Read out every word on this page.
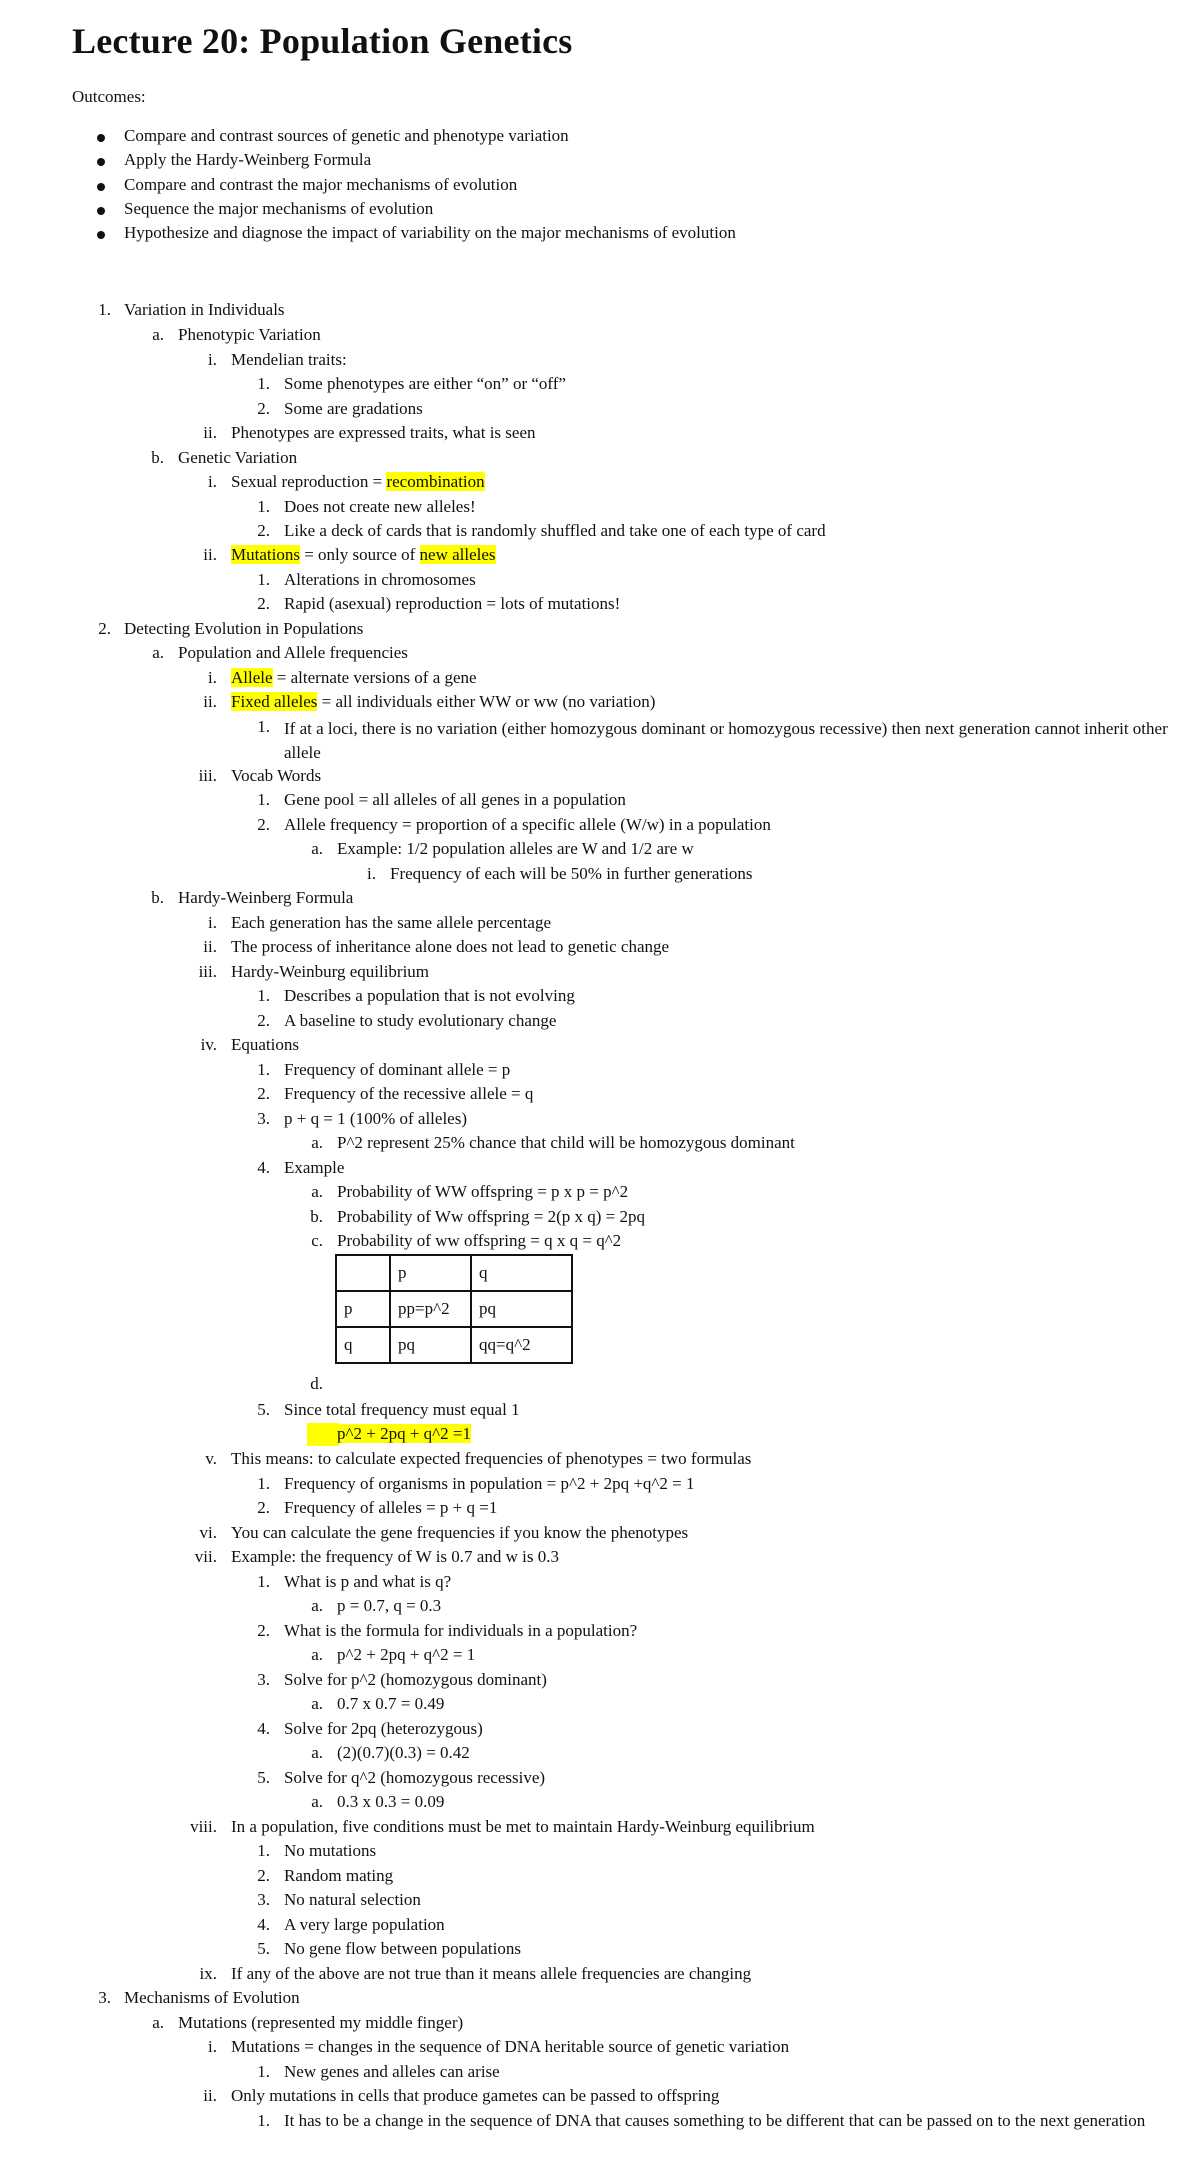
Lecture 20: Population Genetics
Outcomes:
Compare and contrast sources of genetic and phenotype variation
Apply the Hardy-Weinberg Formula
Compare and contrast the major mechanisms of evolution
Sequence the major mechanisms of evolution
Hypothesize and diagnose the impact of variability on the major mechanisms of evolution
1. Variation in Individuals
a. Phenotypic Variation
i. Mendelian traits:
1. Some phenotypes are either “on” or “off”
2. Some are gradations
ii. Phenotypes are expressed traits, what is seen
b. Genetic Variation
i. Sexual reproduction = recombination
1. Does not create new alleles!
2. Like a deck of cards that is randomly shuffled and take one of each type of card
ii. Mutations = only source of new alleles
1. Alterations in chromosomes
2. Rapid (asexual) reproduction = lots of mutations!
2. Detecting Evolution in Populations
a. Population and Allele frequencies
i. Allele = alternate versions of a gene
ii. Fixed alleles = all individuals either WW or ww (no variation)
1. If at a loci, there is no variation (either homozygous dominant or homozygous recessive) then next generation cannot inherit other allele
iii. Vocab Words
1. Gene pool = all alleles of all genes in a population
2. Allele frequency = proportion of a specific allele (W/w) in a population
a. Example: 1/2 population alleles are W and 1/2 are w
i. Frequency of each will be 50% in further generations
b. Hardy-Weinberg Formula
i. Each generation has the same allele percentage
ii. The process of inheritance alone does not lead to genetic change
iii. Hardy-Weinburg equilibrium
1. Describes a population that is not evolving
2. A baseline to study evolutionary change
iv. Equations
1. Frequency of dominant allele = p
2. Frequency of the recessive allele = q
3. p + q = 1 (100% of alleles)
a. P^2 represent 25% chance that child will be homozygous dominant
4. Example
a. Probability of WW offspring = p x p = p^2
b. Probability of Ww offspring = 2(p x q) = 2pq
c. Probability of ww offspring = q x q = q^2
d.
5. Since total frequency must equal 1
p^2 + 2pq + q^2 =1
v. This means: to calculate expected frequencies of phenotypes = two formulas
1. Frequency of organisms in population = p^2 + 2pq +q^2 = 1
2. Frequency of alleles = p + q =1
vi. You can calculate the gene frequencies if you know the phenotypes
vii. Example: the frequency of W is 0.7 and w is 0.3
1. What is p and what is q?
a. p = 0.7, q = 0.3
2. What is the formula for individuals in a population?
a. p^2 + 2pq + q^2 = 1
3. Solve for p^2 (homozygous dominant)
a. 0.7 x 0.7 = 0.49
4. Solve for 2pq (heterozygous)
a. (2)(0.7)(0.3) = 0.42
5. Solve for q^2 (homozygous recessive)
a. 0.3 x 0.3 = 0.09
viii. In a population, five conditions must be met to maintain Hardy-Weinburg equilibrium
1. No mutations
2. Random mating
3. No natural selection
4. A very large population
5. No gene flow between populations
ix. If any of the above are not true than it means allele frequencies are changing
3. Mechanisms of Evolution
a. Mutations (represented my middle finger)
i. Mutations = changes in the sequence of DNA heritable source of genetic variation
1. New genes and alleles can arise
ii. Only mutations in cells that produce gametes can be passed to offspring
1. It has to be a change in the sequence of DNA that causes something to be different that can be passed on to the next generation
	p	q
p	pp=p^2	pq
q	pq	qq=q^2
